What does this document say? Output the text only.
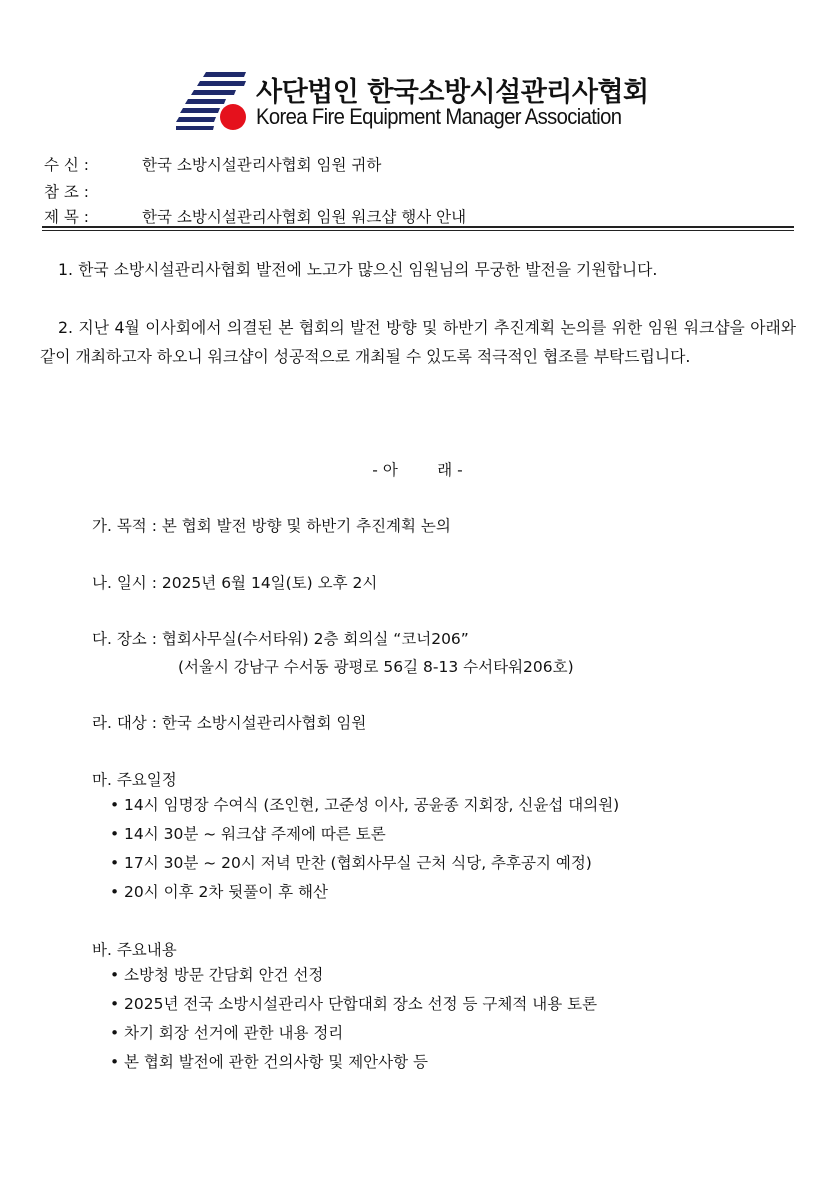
사단법인 한국소방시설관리사협회
Korea Fire Equipment Manager Association
수 신 :	한국 소방시설관리사협회 임원 귀하
참 조 :
제 목 :	한국 소방시설관리사협회 임원 워크샵 행사 안내
1. 한국 소방시설관리사협회 발전에 노고가 많으신 임원님의 무궁한 발전을 기원합니다.
2. 지난 4월 이사회에서 의결된 본 협회의 발전 방향 및 하반기 추진계획 논의를 위한 임원 워크샵을 아래와 같이 개최하고자 하오니 워크샵이 성공적으로 개최될 수 있도록 적극적인 협조를 부탁드립니다.
- 아        래 -
가. 목적 : 본 협회 발전 방향 및 하반기 추진계획 논의
나. 일시 : 2025년 6월 14일(토) 오후 2시
다. 장소 : 협회사무실(수서타워) 2층 회의실 “코너206”
(서울시 강남구 수서동 광평로 56길 8-13 수서타워206호)
라. 대상 : 한국 소방시설관리사협회 임원
마. 주요일정
• 14시 임명장 수여식 (조인현, 고준성 이사, 공윤종 지회장, 신윤섭 대의원)
• 14시 30분 ~ 워크샵 주제에 따른 토론
• 17시 30분 ~ 20시 저녁 만찬 (협회사무실 근처 식당, 추후공지 예정)
• 20시 이후 2차 뒷풀이 후 해산
바. 주요내용
• 소방청 방문 간담회 안건 선정
• 2025년 전국 소방시설관리사 단합대회 장소 선정 등 구체적 내용 토론
• 차기 회장 선거에 관한 내용 정리
• 본 협회 발전에 관한 건의사항 및 제안사항 등
